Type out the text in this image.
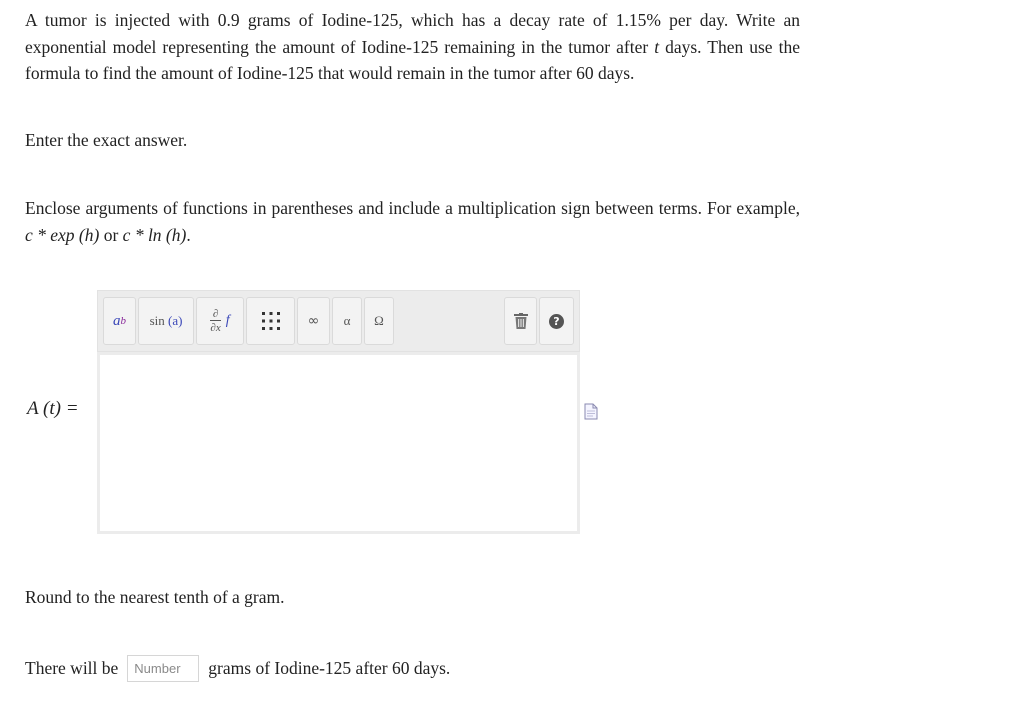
A tumor is injected with 0.9 grams of Iodine-125, which has a decay rate of 1.15% per day. Write an exponential model representing the amount of Iodine-125 remaining in the tumor after t days. Then use the formula to find the amount of Iodine-125 that would remain in the tumor after 60 days.
Enter the exact answer.
Enclose arguments of functions in parentheses and include a multiplication sign between terms. For example, c * exp (h) or c * ln (h).
a b sin
(a)	∂
∂x f	∞ α Ω	?
A (t) =
Round to the nearest tenth of a gram.
There will be
Number	grams of Iodine-125 after 60 days.
